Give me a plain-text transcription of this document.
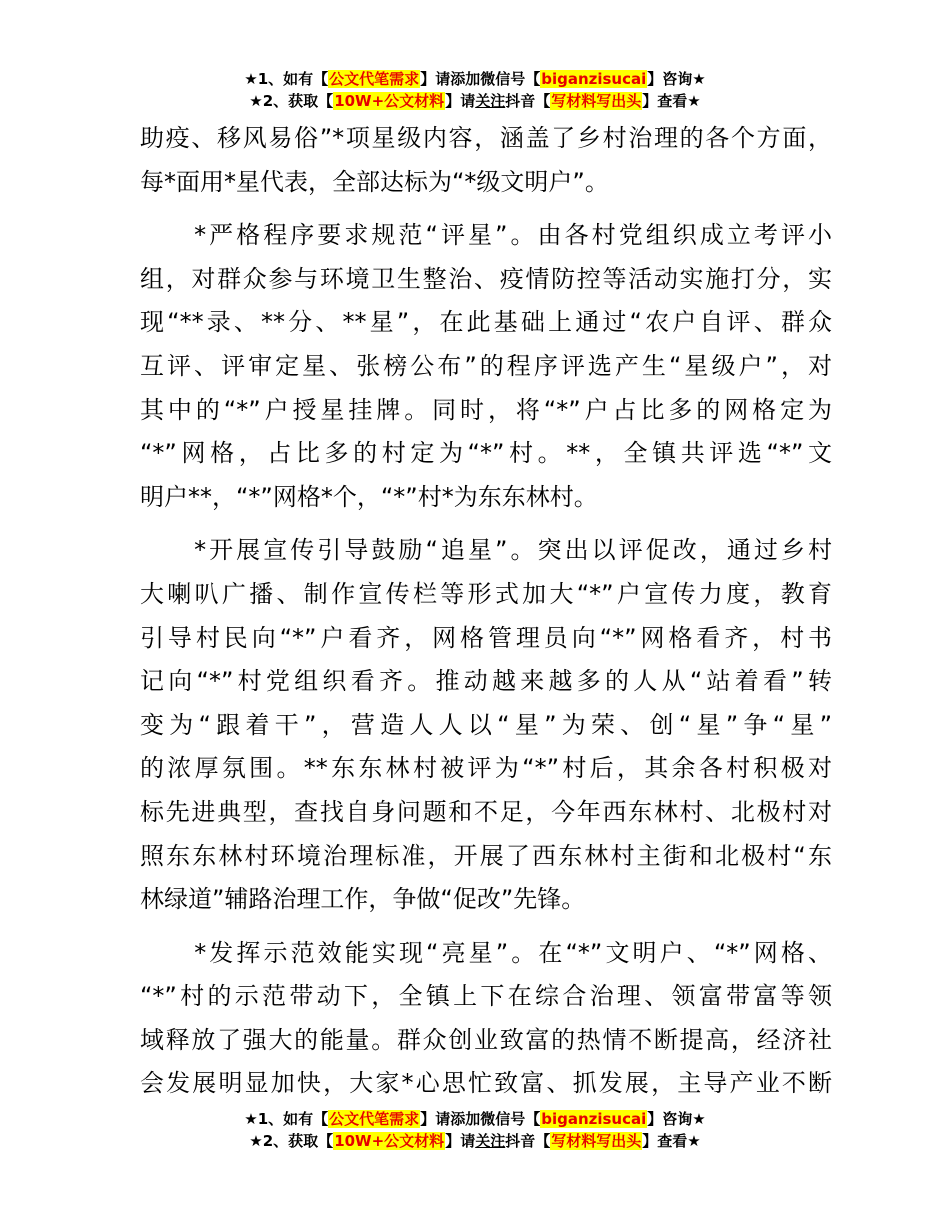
★1、如有【公文代笔需求】请添加微信号【biganzisucai】咨询★
★2、获取【10W+公文材料】请关注抖音【写材料写出头】查看★

助疫、移风易俗”*项星级内容，涵盖了乡村治理的各个方面，
每*面用*星代表，全部达标为“*级文明户”。

　　*严格程序要求规范“评星”。由各村党组织成立考评小
组，对群众参与环境卫生整治、疫情防控等活动实施打分，实
现“**录、**分、**星”，在此基础上通过“农户自评、群众
互评、评审定星、张榜公布”的程序评选产生“星级户”，对
其中的“*”户授星挂牌。同时，将“*”户占比多的网格定为
“*”网格，占比多的村定为“*”村。**，全镇共评选“*”文
明户**，“*”网格*个，“*”村*为东东林村。

　　*开展宣传引导鼓励“追星”。突出以评促改，通过乡村
大喇叭广播、制作宣传栏等形式加大“*”户宣传力度，教育
引导村民向“*”户看齐，网格管理员向“*”网格看齐，村书
记向“*”村党组织看齐。推动越来越多的人从“站着看”转
变为“跟着干”，营造人人以“星”为荣、创“星”争“星”
的浓厚氛围。**东东林村被评为“*”村后，其余各村积极对
标先进典型，查找自身问题和不足，今年西东林村、北极村对
照东东林村环境治理标准，开展了西东林村主街和北极村“东
林绿道”辅路治理工作，争做“促改”先锋。

　　*发挥示范效能实现“亮星”。在“*”文明户、“*”网格、
“*”村的示范带动下，全镇上下在综合治理、领富带富等领
域释放了强大的能量。群众创业致富的热情不断提高，经济社
会发展明显加快，大家*心思忙致富、抓发展，主导产业不断

★1、如有【公文代笔需求】请添加微信号【biganzisucai】咨询★
★2、获取【10W+公文材料】请关注抖音【写材料写出头】查看★
